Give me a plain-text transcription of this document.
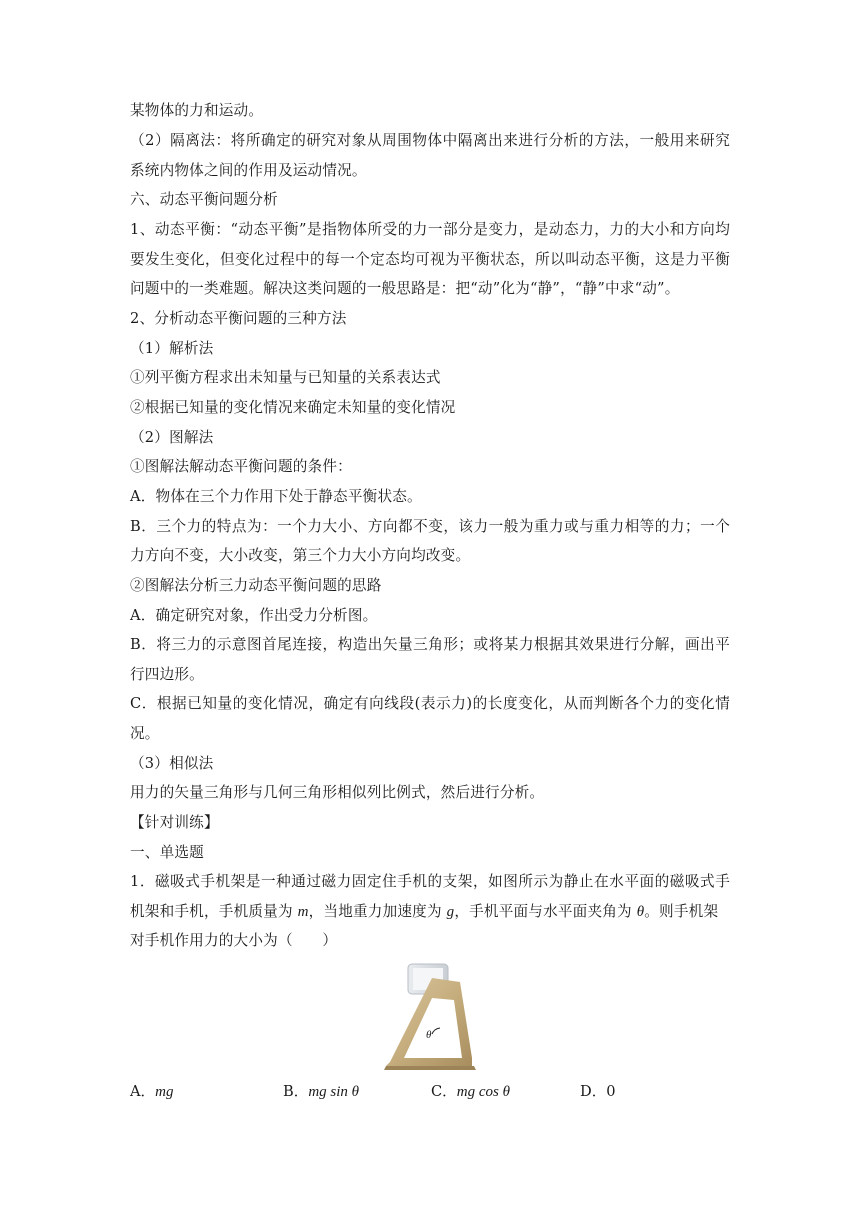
某物体的力和运动。
（2）隔离法：将所确定的研究对象从周围物体中隔离出来进行分析的方法，一般用来研究
系统内物体之间的作用及运动情况。
六、动态平衡问题分析
1、动态平衡：“动态平衡”是指物体所受的力一部分是变力，是动态力，力的大小和方向均
要发生变化，但变化过程中的每一个定态均可视为平衡状态，所以叫动态平衡，这是力平衡
问题中的一类难题。解决这类问题的一般思路是：把“动”化为“静”，“静”中求“动”。
2、分析动态平衡问题的三种方法
（1）解析法
①列平衡方程求出未知量与已知量的关系表达式
②根据已知量的变化情况来确定未知量的变化情况
（2）图解法
①图解法解动态平衡问题的条件：
A．物体在三个力作用下处于静态平衡状态。
B．三个力的特点为：一个力大小、方向都不变，该力一般为重力或与重力相等的力；一个
力方向不变，大小改变，第三个力大小方向均改变。
②图解法分析三力动态平衡问题的思路
A．确定研究对象，作出受力分析图。
B．将三力的示意图首尾连接，构造出矢量三角形；或将某力根据其效果进行分解，画出平
行四边形。
C．根据已知量的变化情况，确定有向线段(表示力)的长度变化，从而判断各个力的变化情
况。
（3）相似法
用力的矢量三角形与几何三角形相似列比例式，然后进行分析。
【针对训练】
一、单选题
1．磁吸式手机架是一种通过磁力固定住手机的支架，如图所示为静止在水平面的磁吸式手
机架和手机，手机质量为 m，当地重力加速度为 g，手机平面与水平面夹角为 θ。则手机架
对手机作用力的大小为（　　）
θ
A．mg	B．mg sin θ	C．mg cos θ	D．0
